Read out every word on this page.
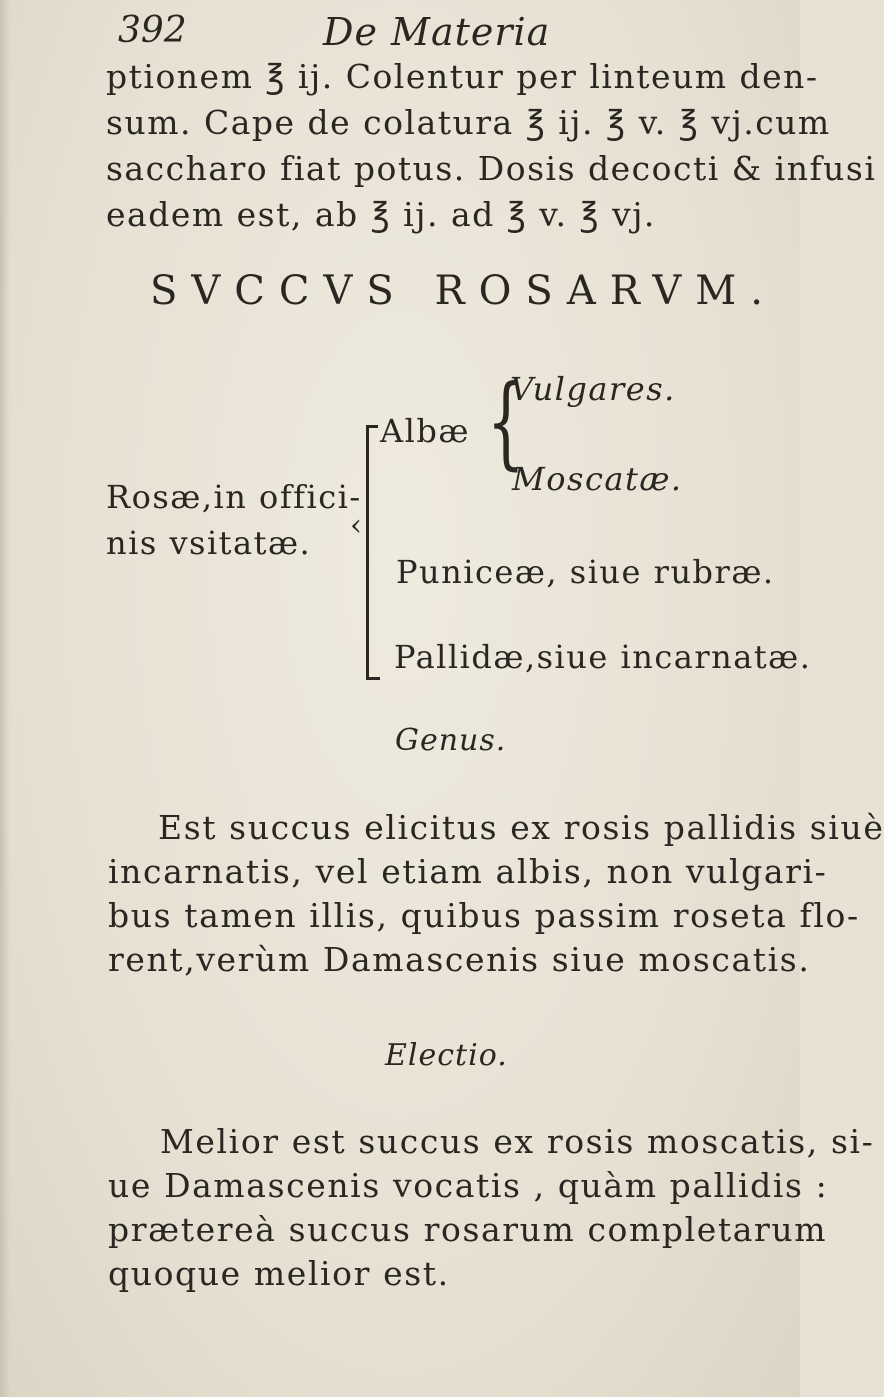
392	De Materia
ptionem ℥ ij. Colentur per linteum den-
sum. Cape de colatura ℥ ij. ℥ v. ℥ vj.cum
saccharo fiat potus. Dosis decocti & infusi
eadem est, ab ℥ ij. ad ℥ v. ℥ vj.
SVCCVS ROSARVM.
Rosæ,in offici-
nis vsitatæ. ‹
Albæ {
Vulgares.
Moscatæ.
Puniceæ, siue rubræ.
Pallidæ,siue incarnatæ.
Genus.
Est succus elicitus ex rosis pallidis siuè
incarnatis, vel etiam albis, non vulgari-
bus tamen illis, quibus passim roseta flo-
rent,verùm Damascenis siue moscatis.
Electio.
Melior est succus ex rosis moscatis, si-
ue Damascenis vocatis , quàm pallidis :
prætereà succus rosarum completarum
quoque melior est.
